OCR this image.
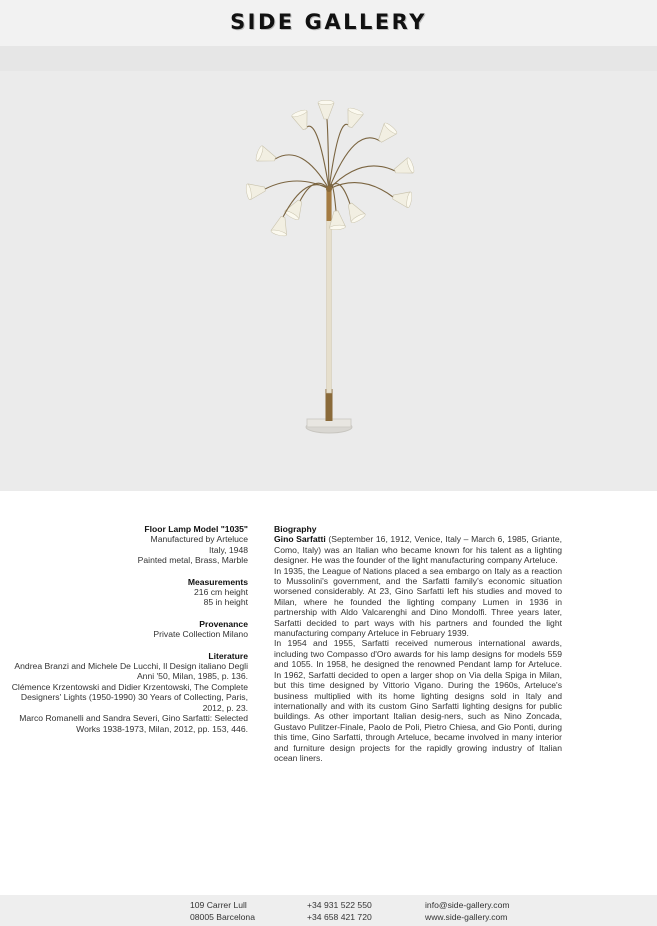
SIDE GALLERY
Floor Lamp Model "1035"
Manufactured by Arteluce
Italy, 1948
Painted metal, Brass, Marble
Measurements
216 cm height
85 in height
Provenance
Private Collection Milano
Literature
Andrea Branzi and Michele De Lucchi, Il Design italiano Degli Anni '50, Milan, 1985, p. 136.
Clémence Krzentowski and Didier Krzentowski, The Complete Designers' Lights (1950-1990) 30 Years of Collecting, Paris, 2012, p. 23.
Marco Romanelli and Sandra Severi, Gino Sarfatti: Selected Works 1938-1973, Milan, 2012, pp. 153, 446.
Biography

Gino Sarfatti (September 16, 1912, Venice, Italy – March 6, 1985, Griante, Como, Italy) was an Italian who became known for his talent as a lighting designer. He was the founder of the light manufacturing company Arteluce.

In 1935, the League of Nations placed a sea embargo on Italy as a reaction to Mussolini's government, and the Sarfatti family's economic situation worsened considerably. At 23, Gino Sarfatti left his studies and moved to Milan, where he founded the lighting company Lumen in 1936 in partnership with Aldo Valcarenghi and Dino Mondolfi. Three years later, Sarfatti decided to part ways with his partners and founded the light manufacturing company Arteluce in February 1939.

In 1954 and 1955, Sarfatti received numerous international awards, including two Compasso d'Oro awards for his lamp designs for models 559 and 1055. In 1958, he designed the renowned Pendant lamp for Arteluce. In 1962, Sarfatti decided to open a larger shop on Via della Spiga in Milan, but this time designed by Vittorio Vigano. During the 1960s, Arteluce's business multiplied with its home lighting designs sold in Italy and internationally and with its custom Gino Sarfatti lighting designs for public buildings. As other important Italian desig-ners, such as Nino Zoncada, Gustavo Pulitzer-Finale, Paolo de Poli, Pietro Chiesa, and Gio Ponti, during this time, Gino Sarfatti, through Arteluce, became involved in many interior and furniture design projects for the rapidly growing industry of Italian ocean liners.

109 Carrer Lull
08005 Barcelona
+34 931 522 550
+34 658 421 720
info@side-gallery.com
www.side-gallery.com
